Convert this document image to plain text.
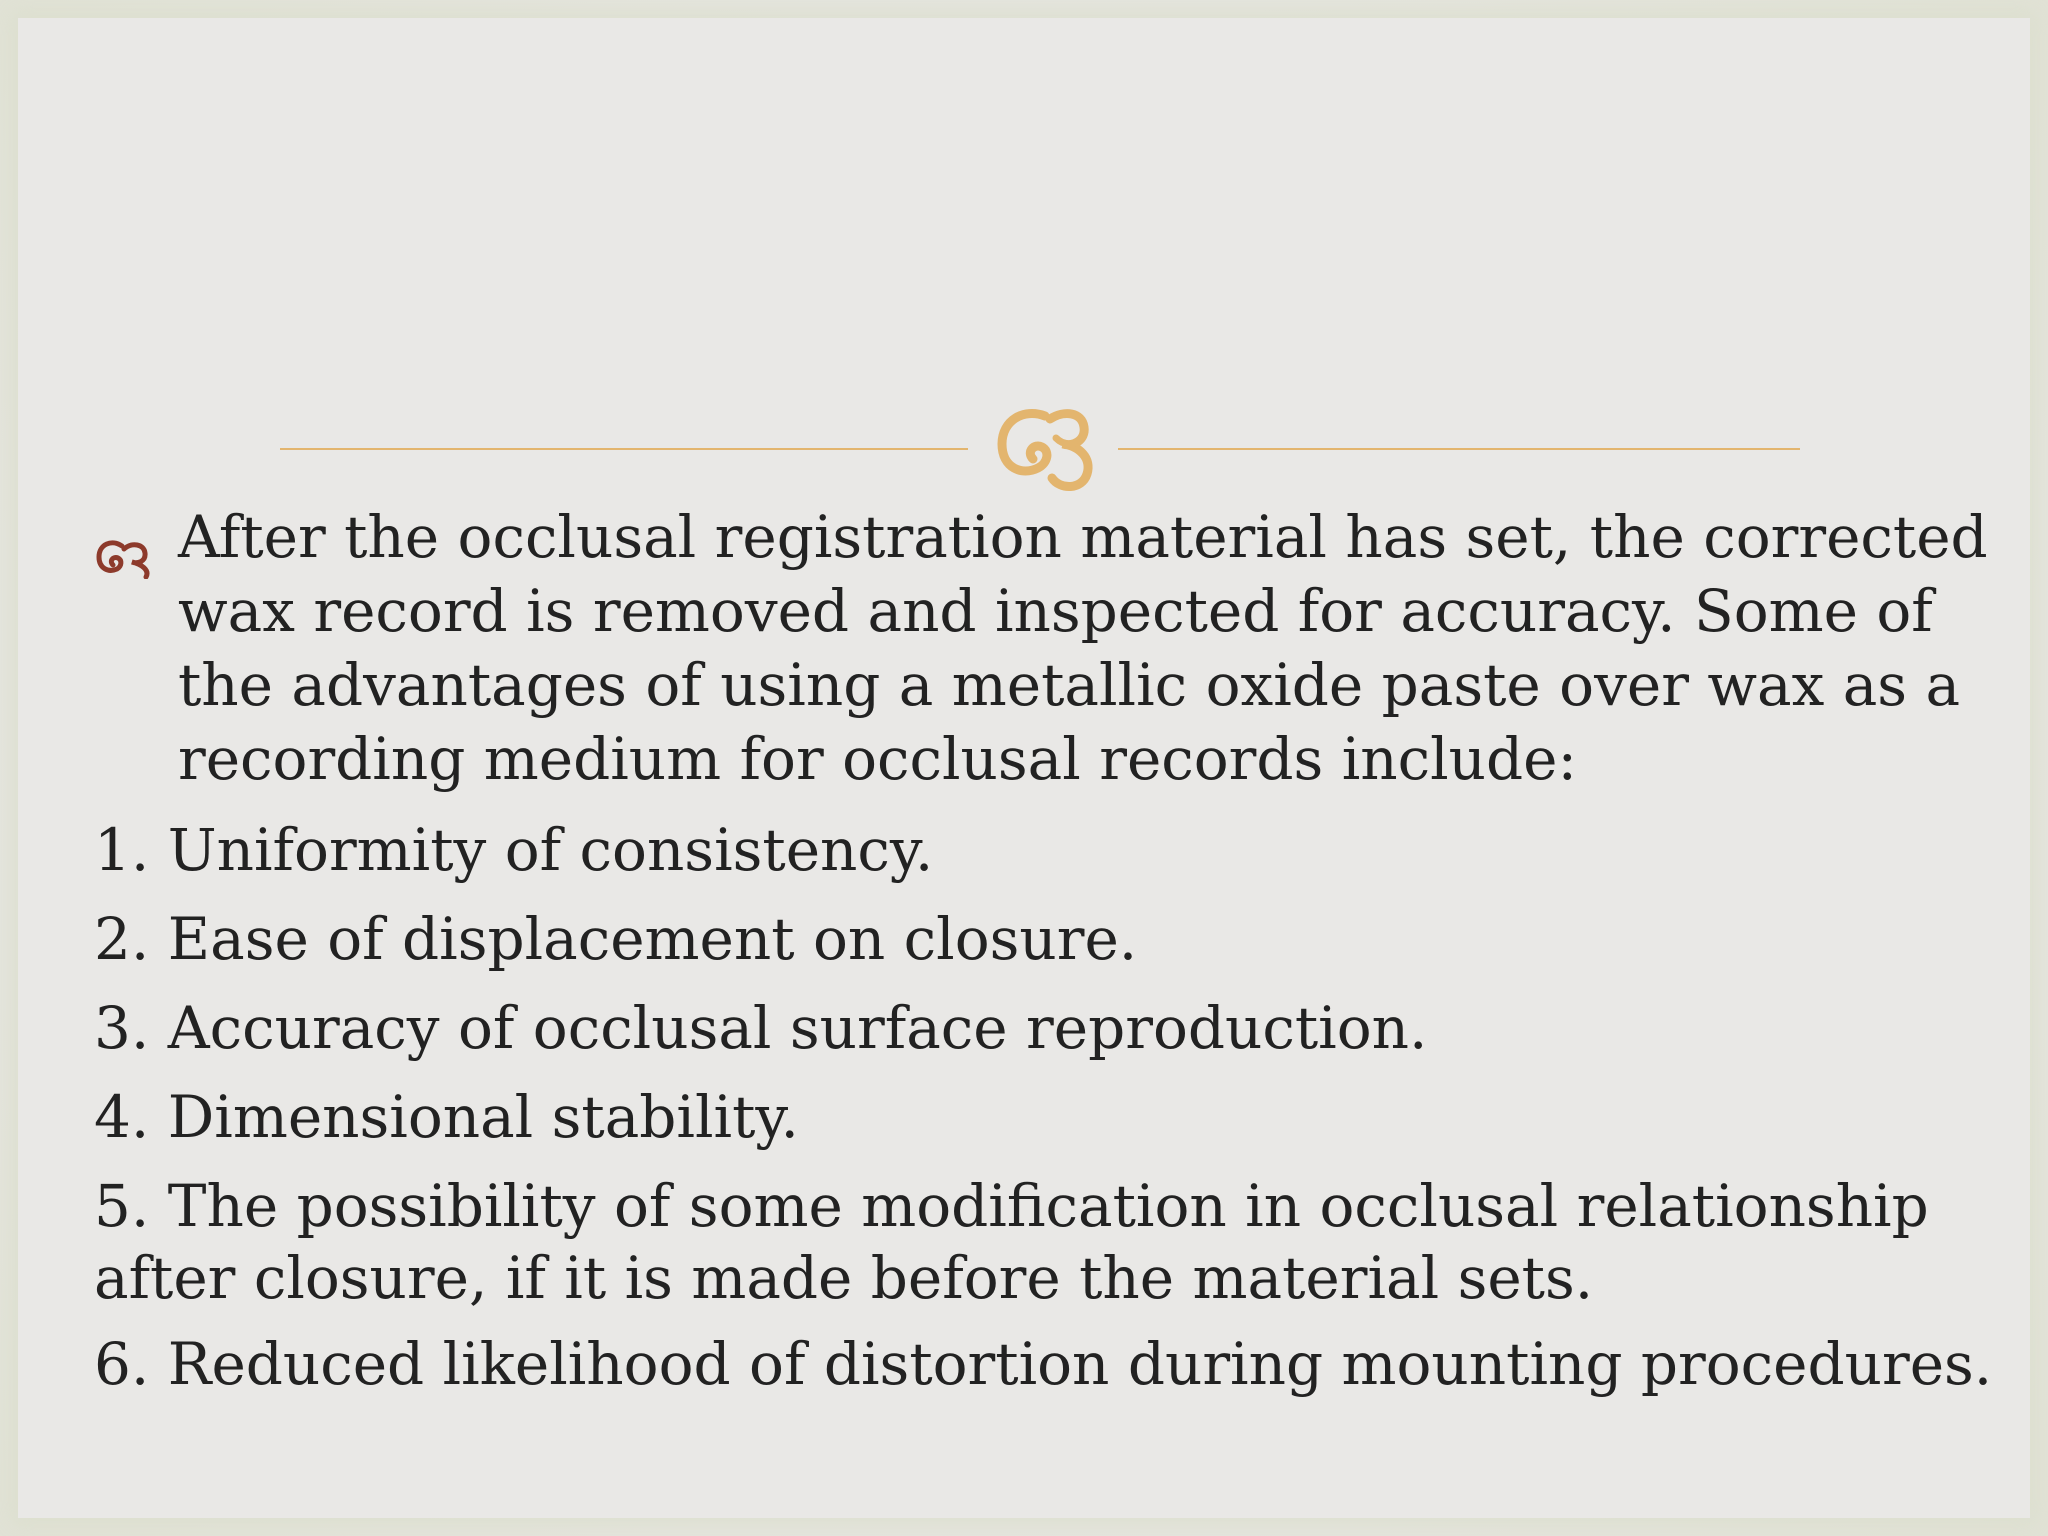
After the occlusal registration material has set, the corrected wax record is removed and inspected for accuracy. Some of the advantages of using a metallic oxide paste over wax as a recording medium for occlusal records include:
1. Uniformity of consistency.
2. Ease of displacement on closure.
3. Accuracy of occlusal surface reproduction.
4. Dimensional stability.
5. The possibility of some modification in occlusal relationship after closure, if it is made before the material sets.
6. Reduced likelihood of distortion during mounting procedures.
